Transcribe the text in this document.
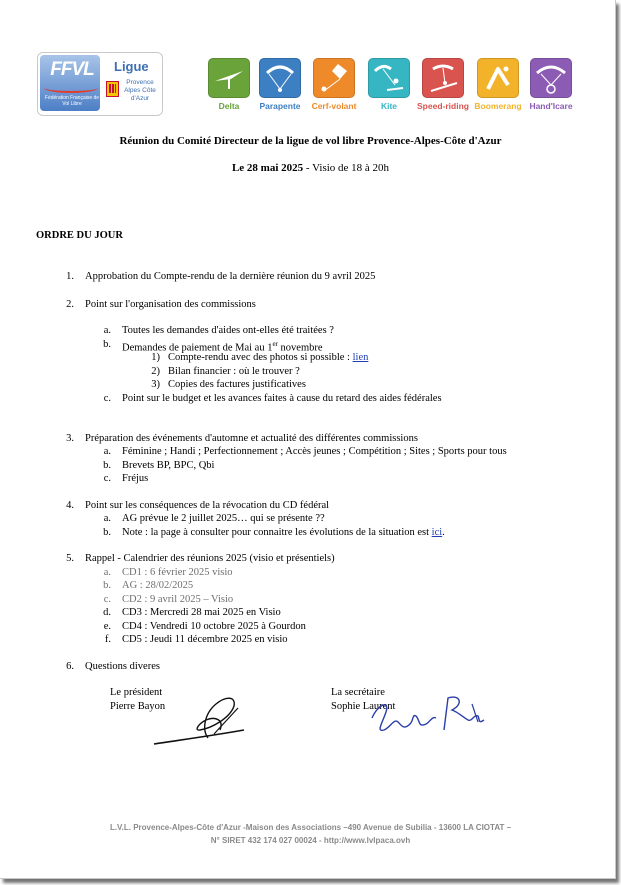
FFVL
Fédération Française de Vol Libre
Ligue
Provence Alpes Côte d'Azur
Delta	Parapente	Cerf-volant	Kite	Speed-riding Boomerang Hand'Icare
Réunion du Comité Directeur de la ligue de vol libre Provence-Alpes-Côte d'Azur
Le 28 mai 2025 - Visio de 18 à 20h
ORDRE DU JOUR
1. Approbation du Compte-rendu de la dernière réunion du 9 avril 2025
2. Point sur l'organisation des commissions
a. Toutes les demandes d'aides ont-elles été traitées ?
b. Demandes de paiement de Mai au 1er novembre
1) Compte-rendu avec des photos si possible : lien
2) Bilan financier : où le trouver ?
3) Copies des factures justificatives
c. Point sur le budget et les avances faites à cause du retard des aides fédérales
3. Préparation des événements d'automne et actualité des différentes commissions
a. Féminine ; Handi ; Perfectionnement ; Accès jeunes ; Compétition ; Sites ; Sports pour tous
b. Brevets BP, BPC, Qbi
c. Fréjus
4. Point sur les conséquences de la révocation du CD fédéral
a. AG prévue le 2 juillet 2025… qui se présente ??
b. Note : la page à consulter pour connaitre les évolutions de la situation est ici.
5. Rappel - Calendrier des réunions 2025 (visio et présentiels)
a. CD1 : 6 février 2025 visio
b. AG : 28/02/2025
c. CD2 : 9 avril 2025 – Visio
d. CD3 : Mercredi 28 mai 2025 en Visio
e. CD4 : Vendredi 10 octobre 2025 à Gourdon
f. CD5 : Jeudi 11 décembre 2025 en visio
6. Questions diveres
Le président
Pierre Bayon
La secrétaire
Sophie Laurent
L.V.L. Provence-Alpes-Côte d'Azur -Maison des Associations –490 Avenue de Subilia - 13600 LA CIOTAT –
N° SIRET 432 174 027 00024 - http://www.lvlpaca.ovh
